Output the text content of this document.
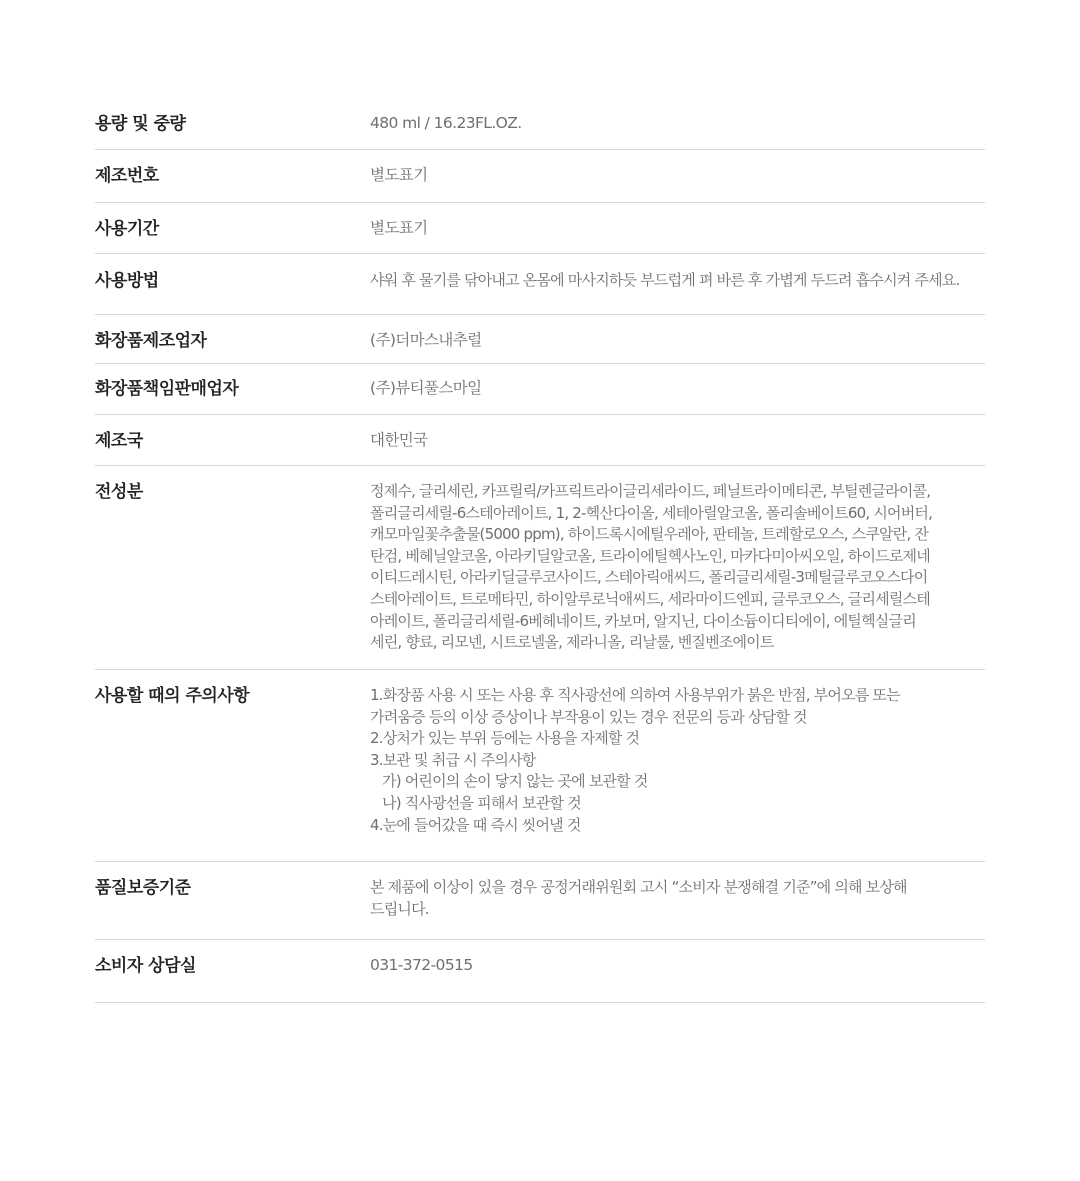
용량 및 중량	480 ml / 16.23FL.OZ.
제조번호	별도표기
사용기간	별도표기
사용방법	샤워 후 물기를 닦아내고 온몸에 마사지하듯 부드럽게 펴 바른 후 가볍게 두드려 흡수시켜 주세요.
화장품제조업자	(주)더마스내추럴
화장품책임판매업자	(주)뷰티풀스마일
제조국	대한민국
전성분	정제수, 글리세린, 카프릴릭/카프릭트라이글리세라이드, 페닐트라이메티콘, 부틸렌글라이콜,
폴리글리세릴-6스테아레이트, 1, 2-헥산다이올, 세테아릴알코올, 폴리솔베이트60, 시어버터,
캐모마일꽃추출물(5000 ppm), 하이드록시에틸우레아, 판테놀, 트레할로오스, 스쿠알란, 잔
탄검, 베헤닐알코올, 아라키딜알코올, 트라이에틸헥사노인, 마카다미아씨오일, 하이드로제네
이티드레시틴, 아라키딜글루코사이드, 스테아릭애씨드, 폴리글리세릴-3메틸글루코오스다이
스테아레이트, 트로메타민, 하이알루로닉애씨드, 세라마이드엔피, 글루코오스, 글리세릴스테
아레이트, 폴리글리세릴-6베헤네이트, 카보머, 알지닌, 다이소듐이디티에이, 에틸헥실글리
세린, 향료, 리모넨, 시트로넬올, 제라니올, 리날룰, 벤질벤조에이트
사용할 때의 주의사항	1.화장품 사용 시 또는 사용 후 직사광선에 의하여 사용부위가 붉은 반점, 부어오름 또는
가려움증 등의 이상 증상이나 부작용이 있는 경우 전문의 등과 상담할 것
2.상처가 있는 부위 등에는 사용을 자제할 것
3.보관 및 취급 시 주의사항
가) 어린이의 손이 닿지 않는 곳에 보관할 것
나) 직사광선을 피해서 보관할 것
4.눈에 들어갔을 때 즉시 씻어낼 것
품질보증기준	본 제품에 이상이 있을 경우 공정거래위원회 고시 “소비자 분쟁해결 기준”에 의해 보상해
드립니다.
소비자 상담실	031-372-0515
